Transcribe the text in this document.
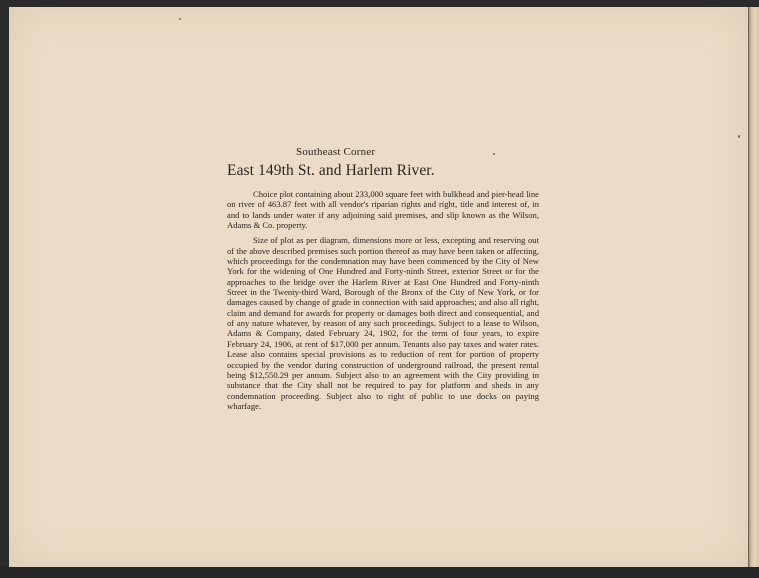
Southeast Corner
East 149th St. and Harlem River.

Choice plot containing about 233,000 square feet with bulkhead and pier-head line on river of 463.87 feet with all vendor's riparian rights and right, title and interest of, in and to lands under water if any adjoining said premises, and slip known as the Wilson, Adams & Co. property.

Size of plot as per diagram, dimensions more or less, excepting and reserving out of the above described premises such portion thereof as may have been taken or affecting, which proceedings for the condemnation may have been commenced by the City of New York for the widening of One Hundred and Forty-ninth Street, exterior Street or for the approaches to the bridge over the Harlem River at East One Hundred and Forty-ninth Street in the Twenty-third Ward, Borough of the Bronx of the City of New York, or for damages caused by change of grade in connection with said approaches; and also all right, claim and demand for awards for property or damages both direct and consequential, and of any nature whatever, by reason of any such proceedings. Subject to a lease to Wilson, Adams & Company, dated February 24, 1902, for the term of four years, to expire February 24, 1906, at rent of $17,000 per annum. Tenants also pay taxes and water rates. Lease also contains special provisions as to reduction of rent for portion of property occupied by the vendor during construction of underground railroad, the present rental being $12,550.29 per annum. Subject also to an agreement with the City providing in substance that the City shall not be required to pay for platform and sheds in any condemnation proceeding. Subject also to right of public to use docks on paying wharfage.
